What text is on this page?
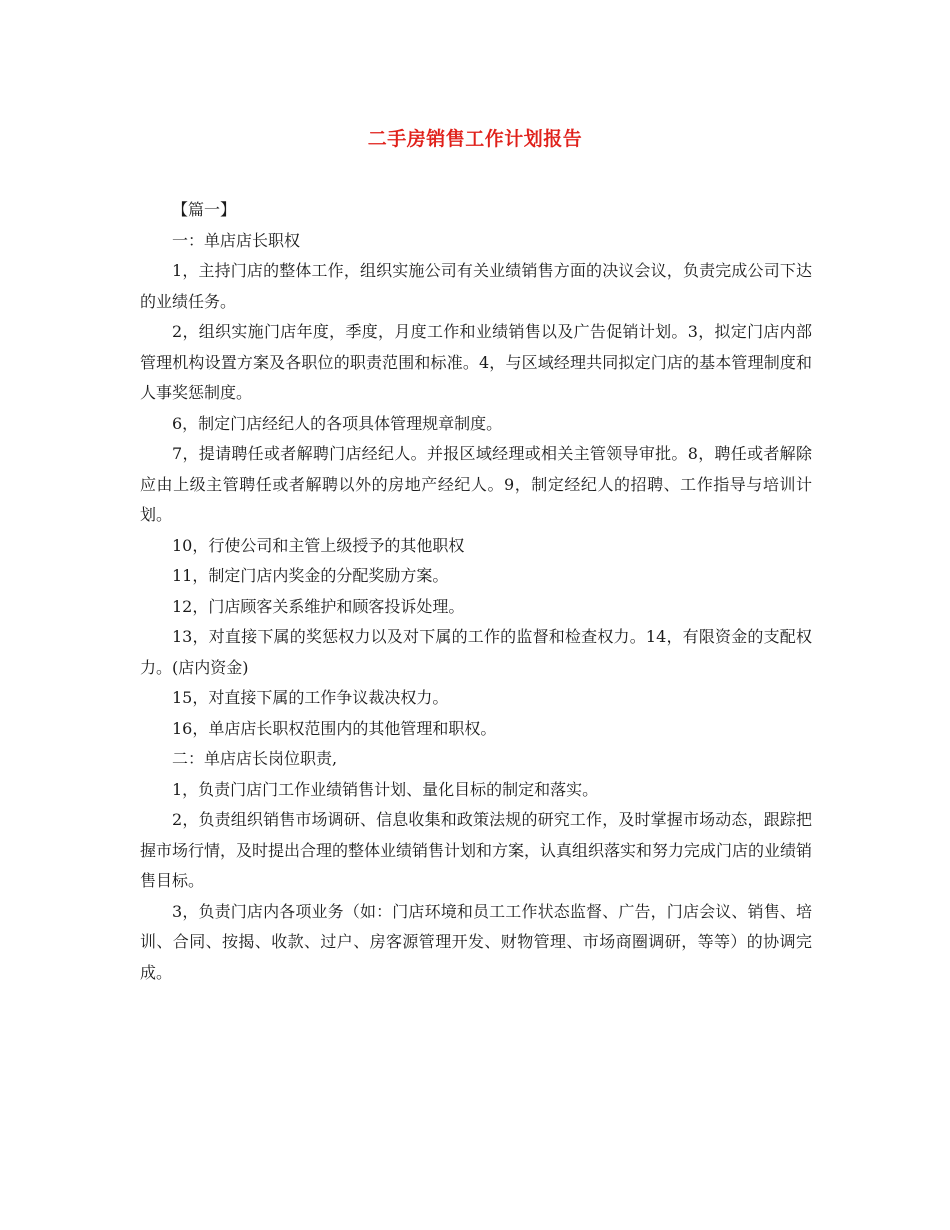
二手房销售工作计划报告

【篇一】

一：单店店长职权

1，主持门店的整体工作，组织实施公司有关业绩销售方面的决议会议，负责完成公司下达的业绩任务。

2，组织实施门店年度，季度，月度工作和业绩销售以及广告促销计划。3，拟定门店内部管理机构设置方案及各职位的职责范围和标准。4，与区域经理共同拟定门店的基本管理制度和人事奖惩制度。

6，制定门店经纪人的各项具体管理规章制度。

7，提请聘任或者解聘门店经纪人。并报区域经理或相关主管领导审批。8，聘任或者解除应由上级主管聘任或者解聘以外的房地产经纪人。9，制定经纪人的招聘、工作指导与培训计划。

10，行使公司和主管上级授予的其他职权

11，制定门店内奖金的分配奖励方案。

12，门店顾客关系维护和顾客投诉处理。

13，对直接下属的奖惩权力以及对下属的工作的监督和检查权力。14，有限资金的支配权力。(店内资金)

15，对直接下属的工作争议裁决权力。

16，单店店长职权范围内的其他管理和职权。

二：单店店长岗位职责,

1，负责门店门工作业绩销售计划、量化目标的制定和落实。

2，负责组织销售市场调研、信息收集和政策法规的研究工作，及时掌握市场动态，跟踪把握市场行情，及时提出合理的整体业绩销售计划和方案，认真组织落实和努力完成门店的业绩销售目标。

3，负责门店内各项业务（如：门店环境和员工工作状态监督、广告，门店会议、销售、培训、合同、按揭、收款、过户、房客源管理开发、财物管理、市场商圈调研，等等）的协调完成。
